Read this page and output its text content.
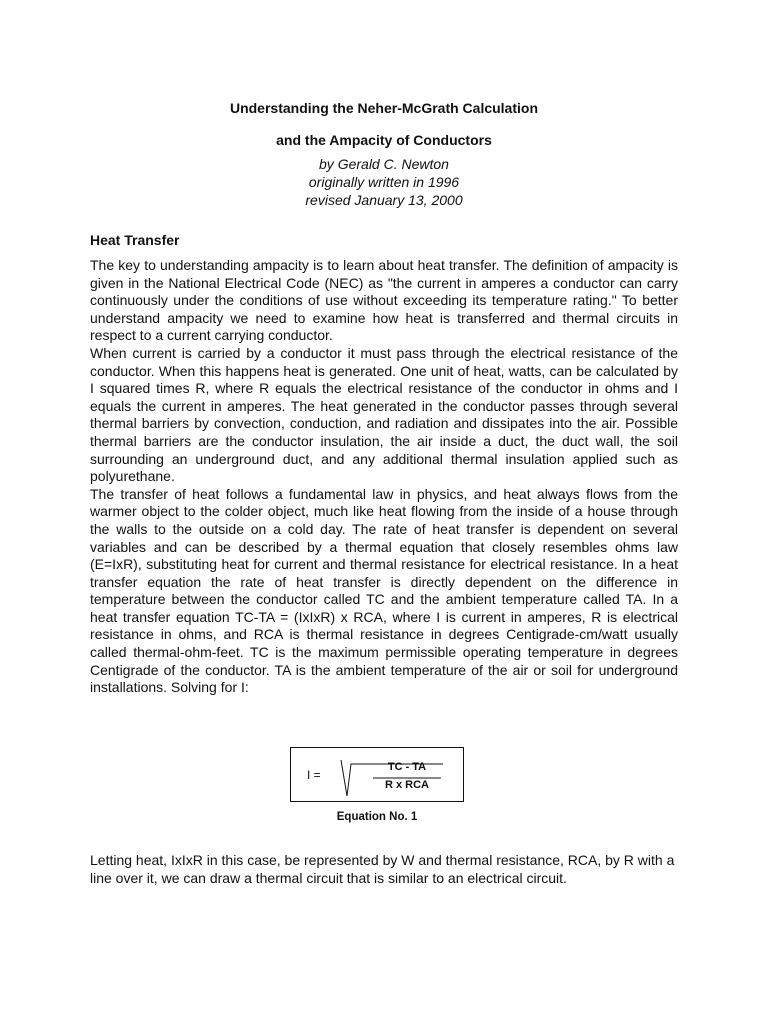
Understanding the Neher-McGrath Calculation
and the Ampacity of Conductors
by Gerald C. Newton
originally written in 1996
revised January 13, 2000
Heat Transfer

The key to understanding ampacity is to learn about heat transfer. The definition of ampacity is given in the National Electrical Code (NEC) as "the current in amperes a conductor can carry continuously under the conditions of use without exceeding its temperature rating." To better understand ampacity we need to examine how heat is transferred and thermal circuits in respect to a current carrying conductor.

When current is carried by a conductor it must pass through the electrical resistance of the conductor. When this happens heat is generated. One unit of heat, watts, can be calculated by I squared times R, where R equals the electrical resistance of the conductor in ohms and I equals the current in amperes. The heat generated in the conductor passes through several thermal barriers by convection, conduction, and radiation and dissipates into the air. Possible thermal barriers are the conductor insulation, the air inside a duct, the duct wall, the soil surrounding an underground duct, and any additional thermal insulation applied such as polyurethane.

The transfer of heat follows a fundamental law in physics, and heat always flows from the warmer object to the colder object, much like heat flowing from the inside of a house through the walls to the outside on a cold day. The rate of heat transfer is dependent on several variables and can be described by a thermal equation that closely resembles ohms law (E=IxR), substituting heat for current and thermal resistance for electrical resistance. In a heat transfer equation the rate of heat transfer is directly dependent on the difference in temperature between the conductor called TC and the ambient temperature called TA. In a heat transfer equation TC-TA = (IxIxR) x RCA, where I is current in amperes, R is electrical resistance in ohms, and RCA is thermal resistance in degrees Centigrade-cm/watt usually called thermal-ohm-feet. TC is the maximum permissible operating temperature in degrees Centigrade of the conductor. TA is the ambient temperature of the air or soil for underground installations. Solving for I:

I =
TC - TA
R x RCA
Equation No. 1

Letting heat, IxIxR in this case, be represented by W and thermal resistance, RCA, by R with a line over it, we can draw a thermal circuit that is similar to an electrical circuit.
